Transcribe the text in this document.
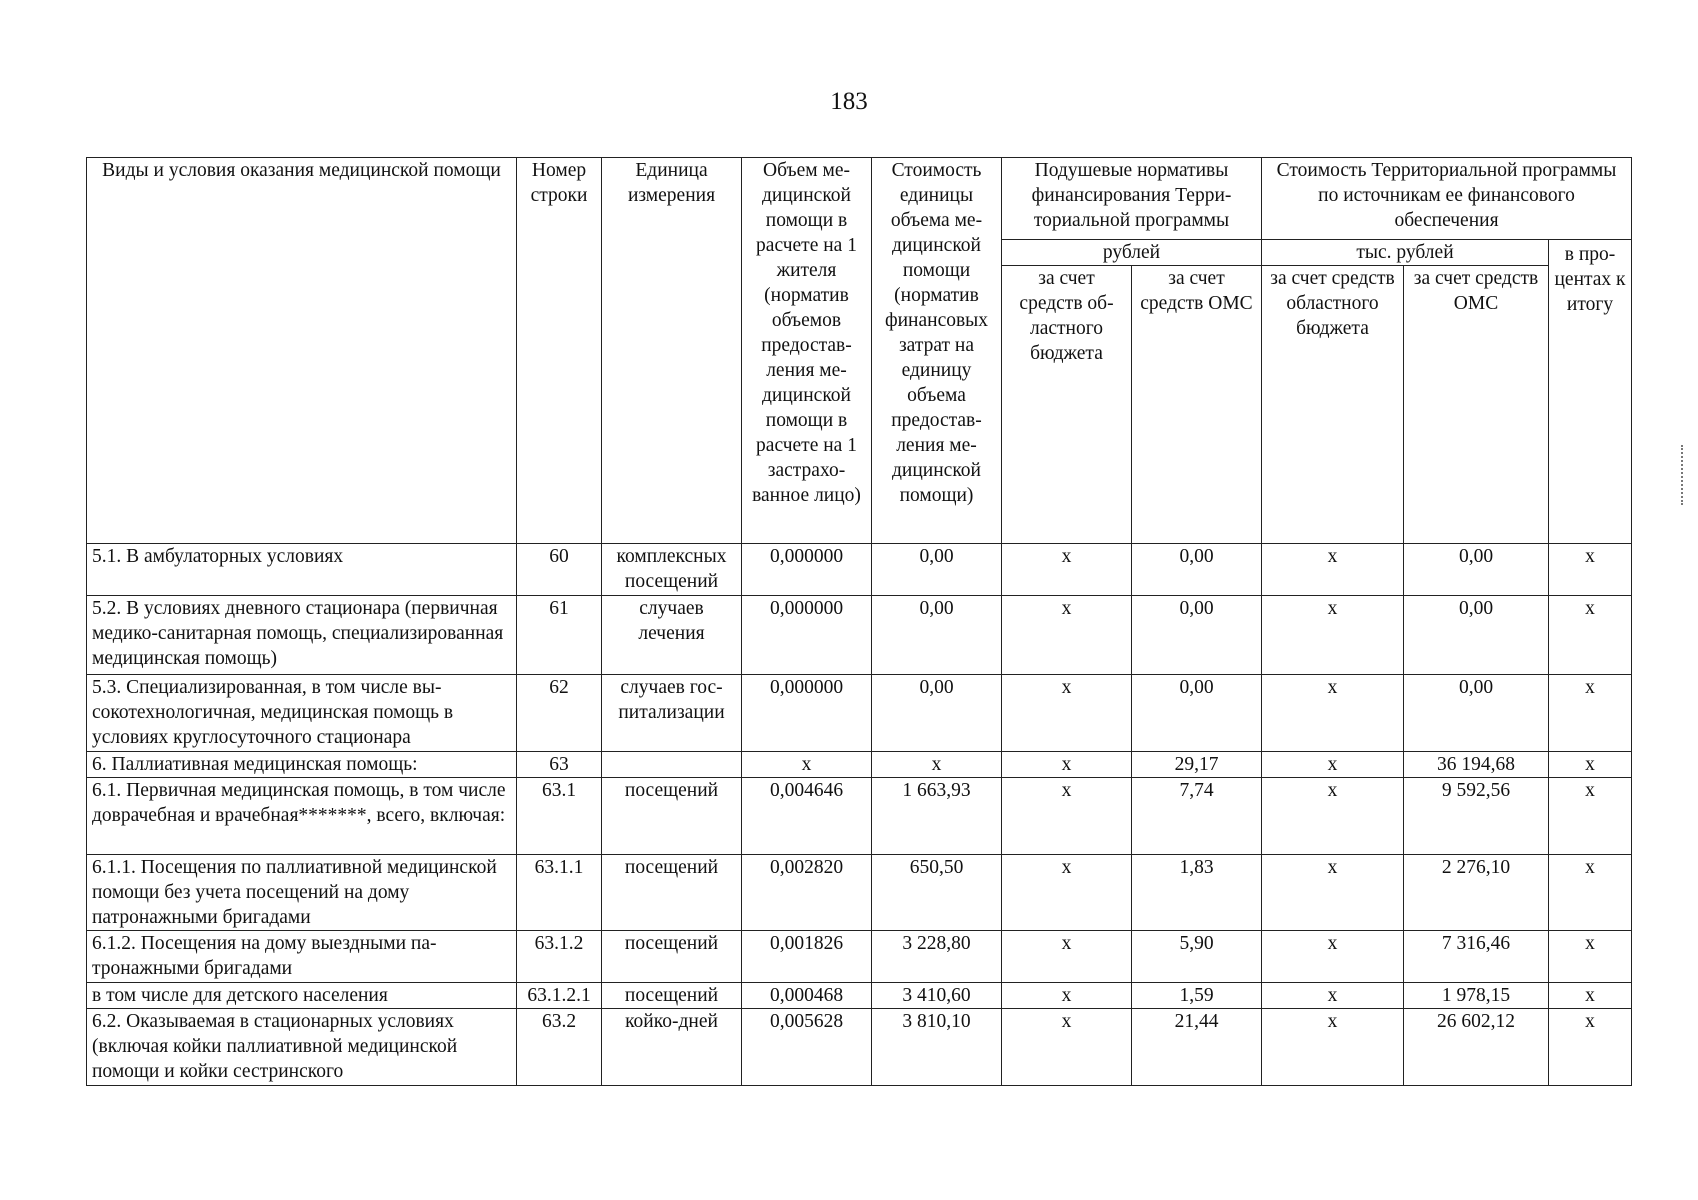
183
Виды и условия оказания медицинской помощи	Номер строки	Единица измерения	Объем медицинской помощи в расчете на 1 жителя (норматив объемов предоставления медицинской помощи в расчете на 1 застрахованное лицо)	Стоимость единицы объема медицинской помощи (норматив финансовых затрат на единицу объема предоставления медицинской помощи)	Подушевые нормативы финансирования Территориальной программы		Стоимость Территориальной программы по источникам ее финансового обеспечения		
					рублей		тыс. рублей		в процентах к итогу
					за счет средств областного бюджета	за счет средств ОМС	за счет средств областного бюджета	за счет средств ОМС	
5.1. В амбулаторных условиях	60	комплексных посещений	0,000000	0,00	х	0,00	х	0,00	х
5.2. В условиях дневного стационара (первичная медико-санитарная помощь, специализированная медицинская помощь)	61	случаев лечения	0,000000	0,00	х	0,00	х	0,00	х
5.3. Специализированная, в том числе высокотехнологичная, медицинская помощь в условиях круглосуточного стационара	62	случаев госпитализации	0,000000	0,00	х	0,00	х	0,00	х
6. Паллиативная медицинская помощь:	63		х	х	х	29,17	х	36 194,68	х
6.1. Первичная медицинская помощь, в том числе доврачебная и врачебная*******, всего, включая:	63.1	посещений	0,004646	1 663,93	х	7,74	х	9 592,56	х
6.1.1. Посещения по паллиативной медицинской помощи без учета посещений на дому патронажными бригадами	63.1.1	посещений	0,002820	650,50	х	1,83	х	2 276,10	х
6.1.2. Посещения на дому выездными патронажными бригадами	63.1.2	посещений	0,001826	3 228,80	х	5,90	х	7 316,46	х
в том числе для детского населения	63.1.2.1	посещений	0,000468	3 410,60	х	1,59	х	1 978,15	х
6.2. Оказываемая в стационарных условиях (включая койки паллиативной медицинской помощи и койки сестринского	63.2	койко-дней	0,005628	3 810,10	х	21,44	х	26 602,12	х
